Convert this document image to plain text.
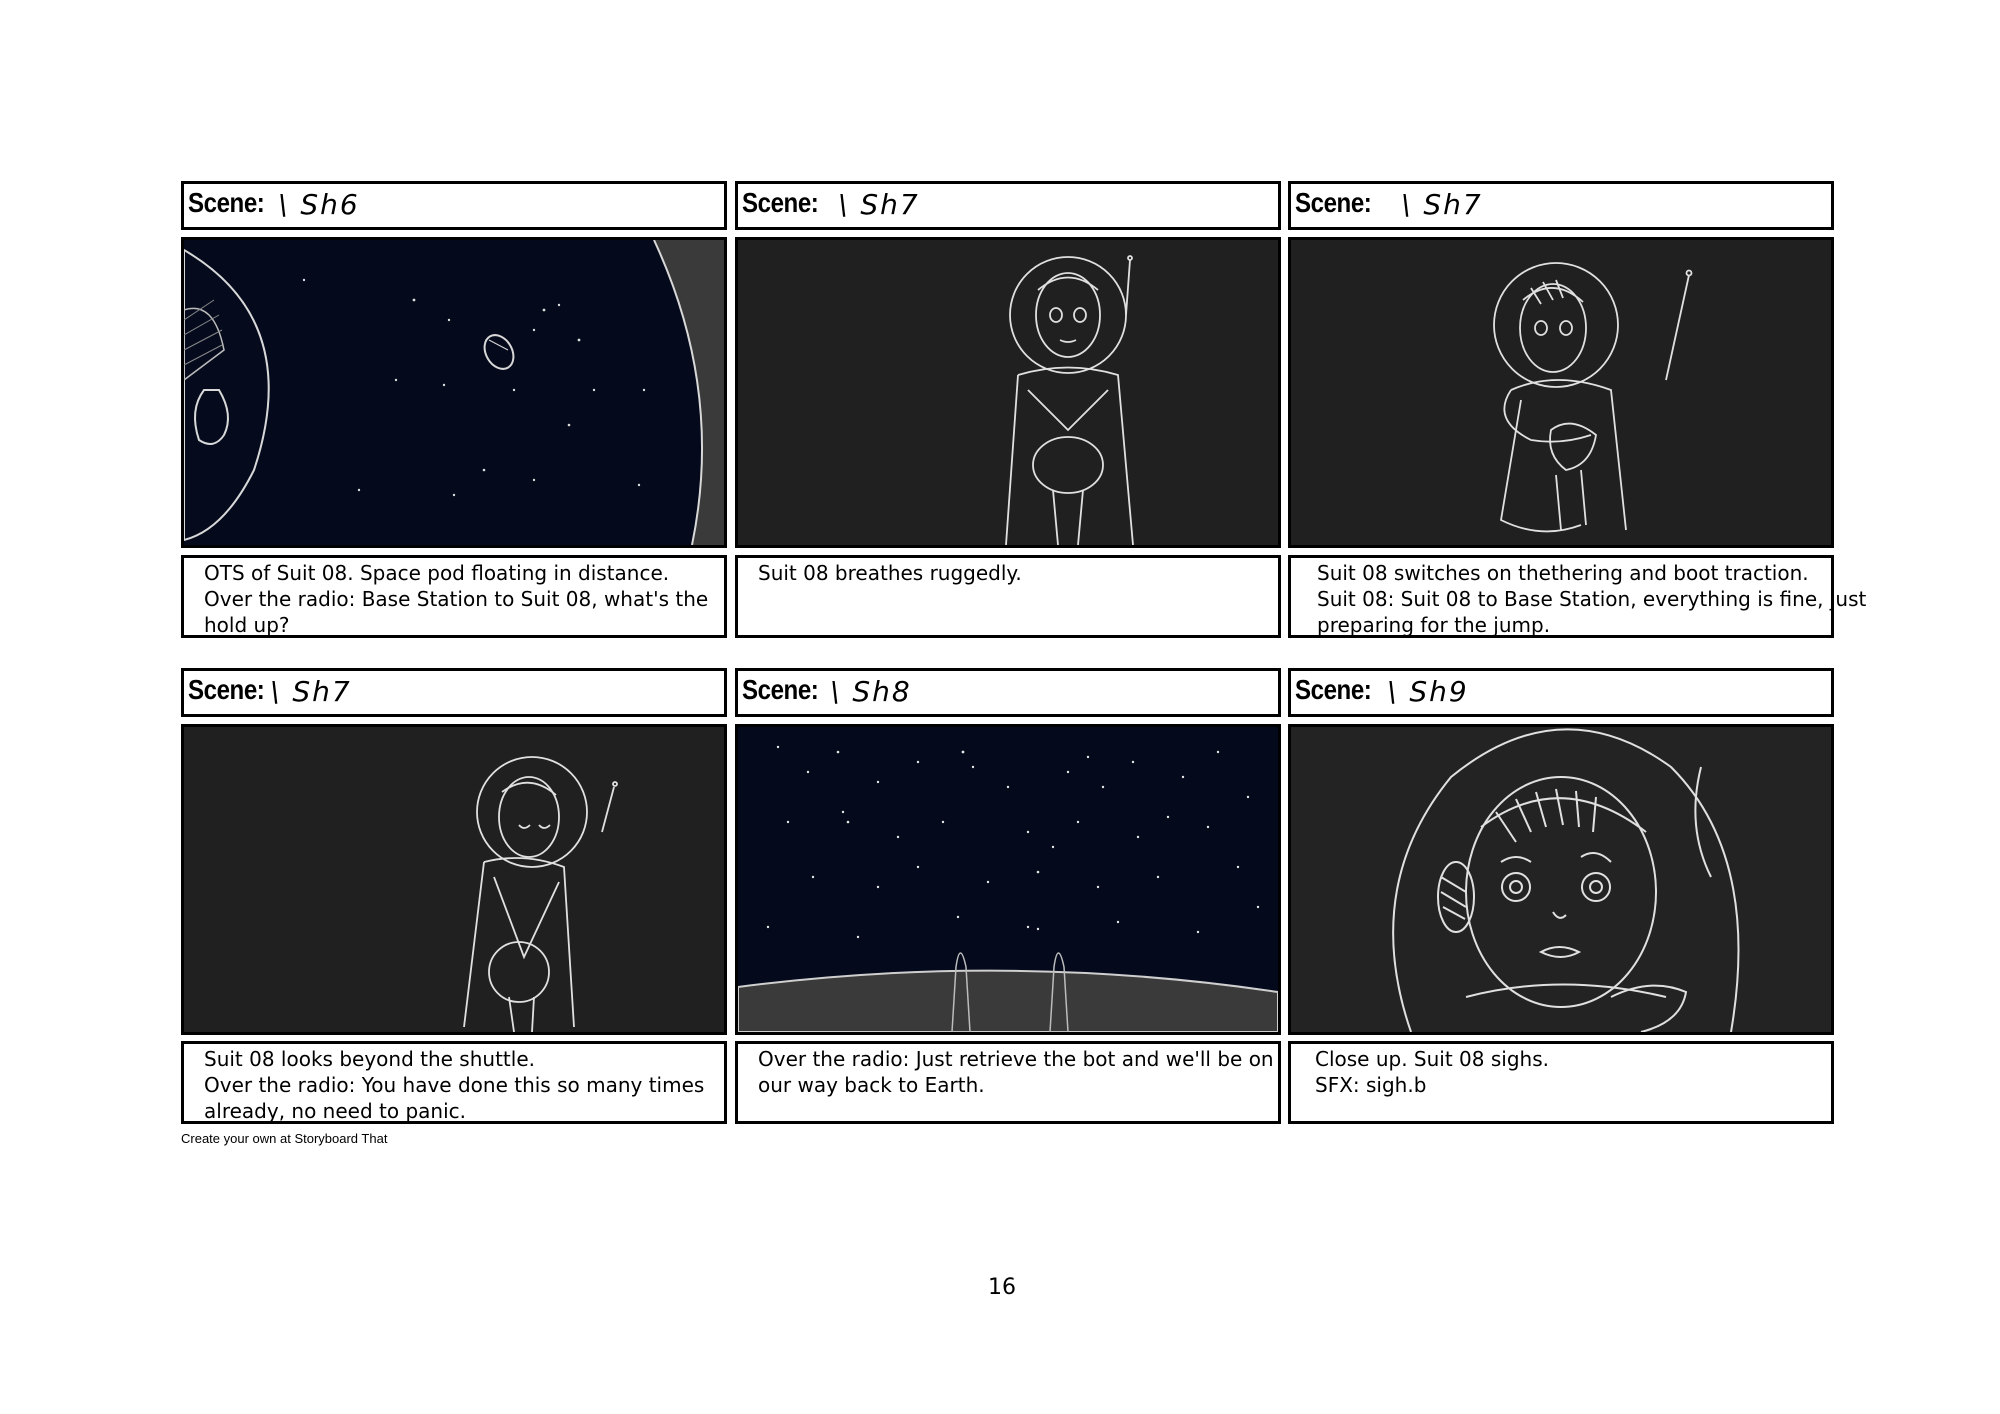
Scene: \ Sh6
OTS of Suit 08. Space pod floating in distance.
Over the radio: Base Station to Suit 08, what's the
hold up?
Scene: \ Sh7
Suit 08 breathes ruggedly.
Scene: \ Sh7
Suit 08 switches on thethering and boot traction.
Suit 08: Suit 08 to Base Station, everything is fine, just
preparing for the jump.
Scene: \ Sh7
Suit 08 looks beyond the shuttle.
Over the radio: You have done this so many times
already, no need to panic.
Scene: \ Sh8
Over the radio: Just retrieve the bot and we'll be on
our way back to Earth.
Scene: \ Sh9
Close up. Suit 08 sighs.
SFX: sigh.b
Create your own at Storyboard That
16
